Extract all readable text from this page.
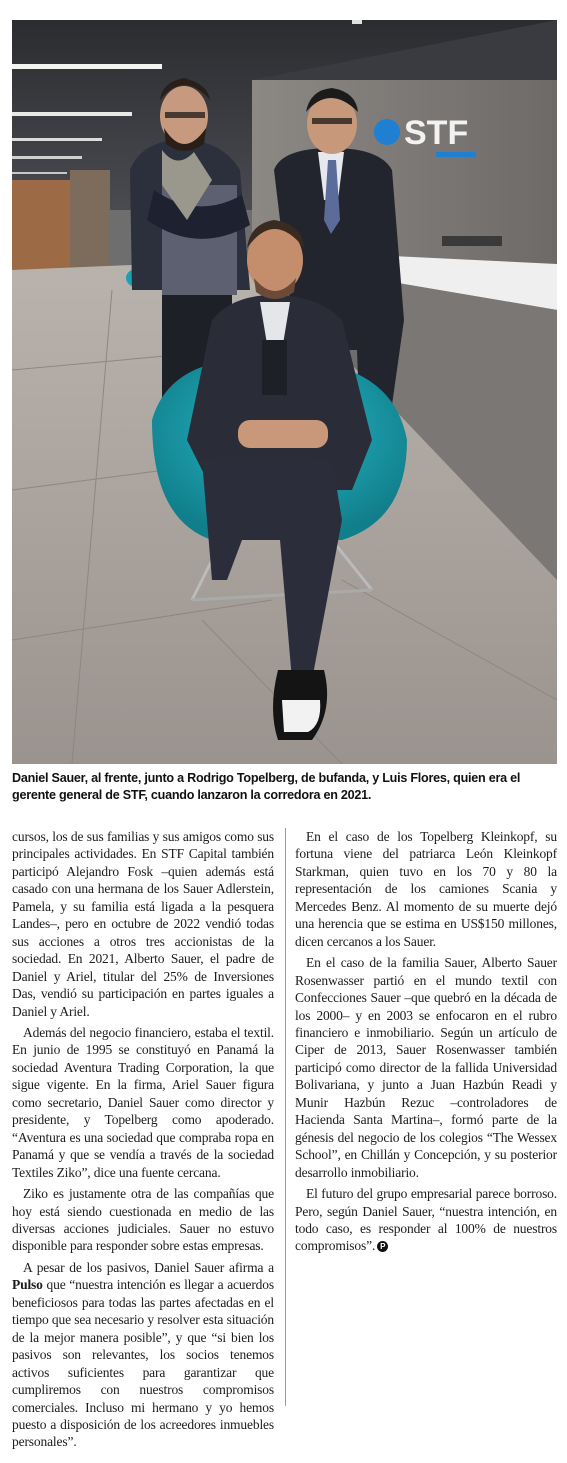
STF
Daniel Sauer, al frente, junto a Rodrigo Topelberg, de bufanda, y Luis Flores, quien era el gerente general de STF, cuando lanzaron la corredora en 2021.

cursos, los de sus familias y sus amigos como sus principales actividades. En STF Capital también participó Alejandro Fosk –quien además está casado con una hermana de los Sauer Adlerstein, Pamela, y su familia está ligada a la pesquera Landes–, pero en octubre de 2022 vendió todas sus acciones a otros tres accionistas de la sociedad. En 2021, Alberto Sauer, el padre de Daniel y Ariel, titular del 25% de Inversiones Das, vendió su participación en partes iguales a Daniel y Ariel.

Además del negocio financiero, estaba el textil. En junio de 1995 se constituyó en Panamá la sociedad Aventura Trading Corporation, la que sigue vigente. En la firma, Ariel Sauer figura como secretario, Daniel Sauer como director y presidente, y Topelberg como apoderado. “Aventura es una sociedad que compraba ropa en Panamá y que se vendía a través de la sociedad Textiles Ziko”, dice una fuente cercana.

Ziko es justamente otra de las compañías que hoy está siendo cuestionada en medio de las diversas acciones judiciales. Sauer no estuvo disponible para responder sobre estas empresas.

A pesar de los pasivos, Daniel Sauer afirma a Pulso que “nuestra intención es llegar a acuerdos beneficiosos para todas las partes afectadas en el tiempo que sea necesario y resolver esta situación de la mejor manera posible”, y que “si bien los pasivos son relevantes, los socios tenemos activos suficientes para garantizar que cumpliremos con nuestros compromisos comerciales. Incluso mi hermano y yo hemos puesto a disposición de los acreedores inmuebles personales”.

En el caso de los Topelberg Kleinkopf, su fortuna viene del patriarca León Kleinkopf Starkman, quien tuvo en los 70 y 80 la representación de los camiones Scania y Mercedes Benz. Al momento de su muerte dejó una herencia que se estima en US$150 millones, dicen cercanos a los Sauer.

En el caso de la familia Sauer, Alberto Sauer Rosenwasser partió en el mundo textil con Confecciones Sauer –que quebró en la década de los 2000– y en 2003 se enfocaron en el rubro financiero e inmobiliario. Según un artículo de Ciper de 2013, Sauer Rosenwasser también participó como director de la fallida Universidad Bolivariana, y junto a Juan Hazbún Readi y Munir Hazbún Rezuc –controladores de Hacienda Santa Martina–, formó parte de la génesis del negocio de los colegios “The Wessex School”, en Chillán y Concepción, y su posterior desarrollo inmobiliario.

El futuro del grupo empresarial parece borroso. Pero, según Daniel Sauer, “nuestra intención, en todo caso, es responder al 100% de nuestros compromisos”. P
